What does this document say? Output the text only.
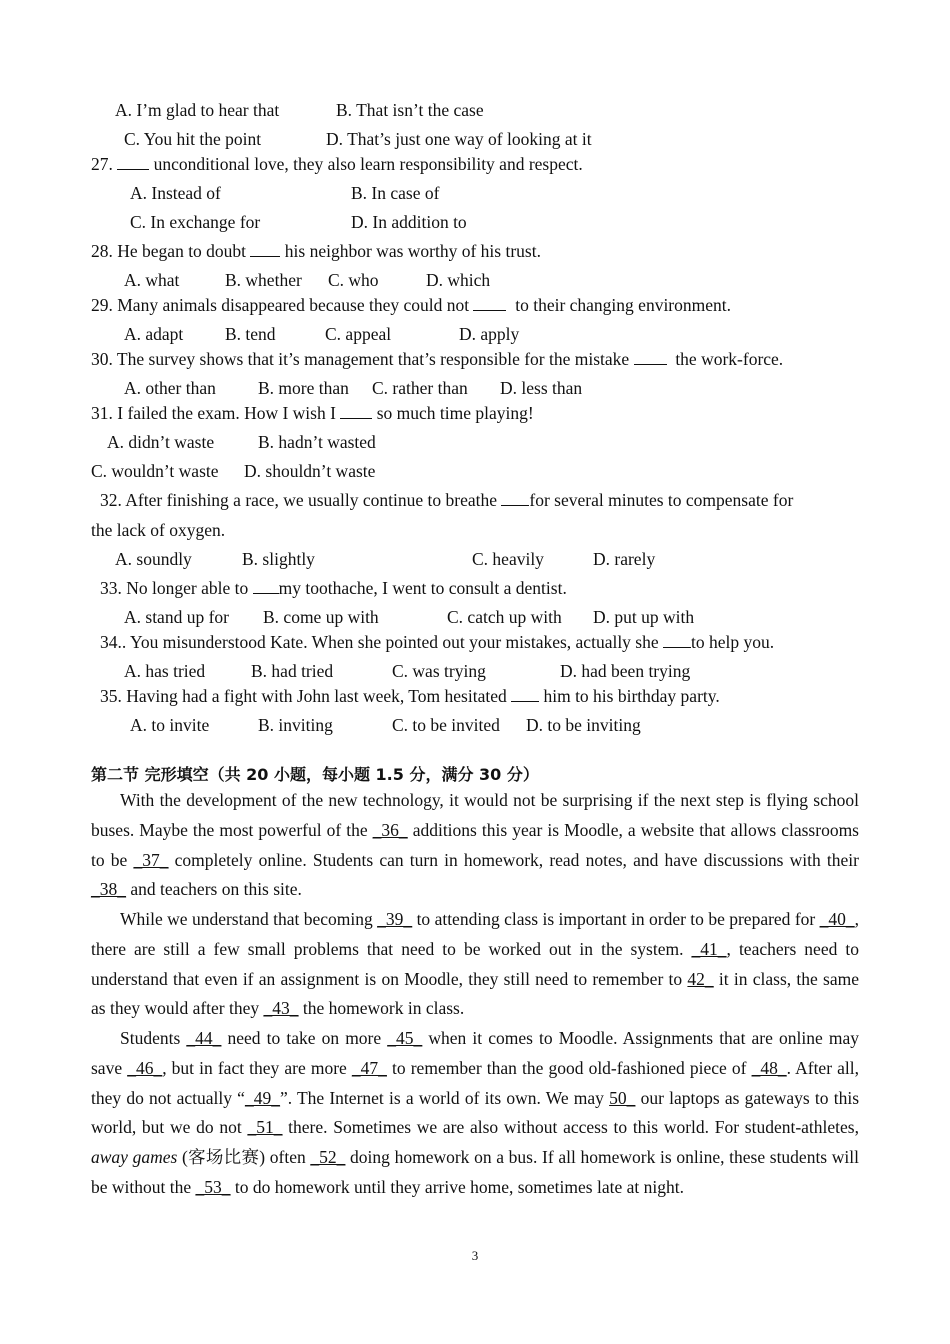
A. I’m glad to hear that	B. That isn’t the case
C. You hit the point	D. That’s just one way of looking at it
27. unconditional love, they also learn responsibility and respect.
A. Instead of	B. In case of
C. In exchange for	D. In addition to
28. He began to doubt his neighbor was worthy of his trust.
A. what	B. whether C. who	D. which
29. Many animals disappeared because they could not	to their changing environment.
A. adapt B. tend	C. appeal	D. apply
30. The survey shows that it’s management that’s responsible for the mistake	the work-force.
A. other than B. more than C. rather than D. less than
31. I failed the exam. How I wish I so much time playing!
A. didn’t waste	B. hadn’t wasted
C. wouldn’t waste D. shouldn’t waste
32. After finishing a race, we usually continue to breathe for several minutes to compensate for
the lack of oxygen.
A. soundly	B. slightly	C. heavily	D. rarely
33. No longer able to my toothache, I went to consult a dentist.
A. stand up for B. come up with	C. catch up with D. put up with
34.. You misunderstood Kate. When she pointed out your mistakes, actually she to help you.
A. has tried	B. had tried	C. was trying	D. had been trying
35. Having had a fight with John last week, Tom hesitated him to his birthday party.
A. to invite	B. inviting	C. to be invited D. to be inviting
第二节 完形填空（共 20 小题，每小题 1.5 分，满分 30 分）
With the development of the new technology, it would not be surprising if the next step is flying school buses. Maybe the most powerful of the _36_ additions this year is Moodle, a website that allows classrooms to be _37_ completely online. Students can turn in homework, read notes, and have discussions with their _38_ and teachers on this site.
While we understand that becoming _39_ to attending class is important in order to be prepared for _40_, there are still a few small problems that need to be worked out in the system. _41_, teachers need to understand that even if an assignment is on Moodle, they still need to remember to 42_ it in class, the same as they would after they _43_ the homework in class.
Students _44_ need to take on more _45_ when it comes to Moodle. Assignments that are online may save _46_, but in fact they are more _47_ to remember than the good old-fashioned piece of _48_. After all, they do not actually “_49_”. The Internet is a world of its own. We may 50_ our laptops as gateways to this world, but we do not _51_ there. Sometimes we are also without access to this world. For student-athletes, away games (客场比赛) often _52_ doing homework on a bus. If all homework is online, these students will be without the _53_ to do homework until they arrive home, sometimes late at night.
3
